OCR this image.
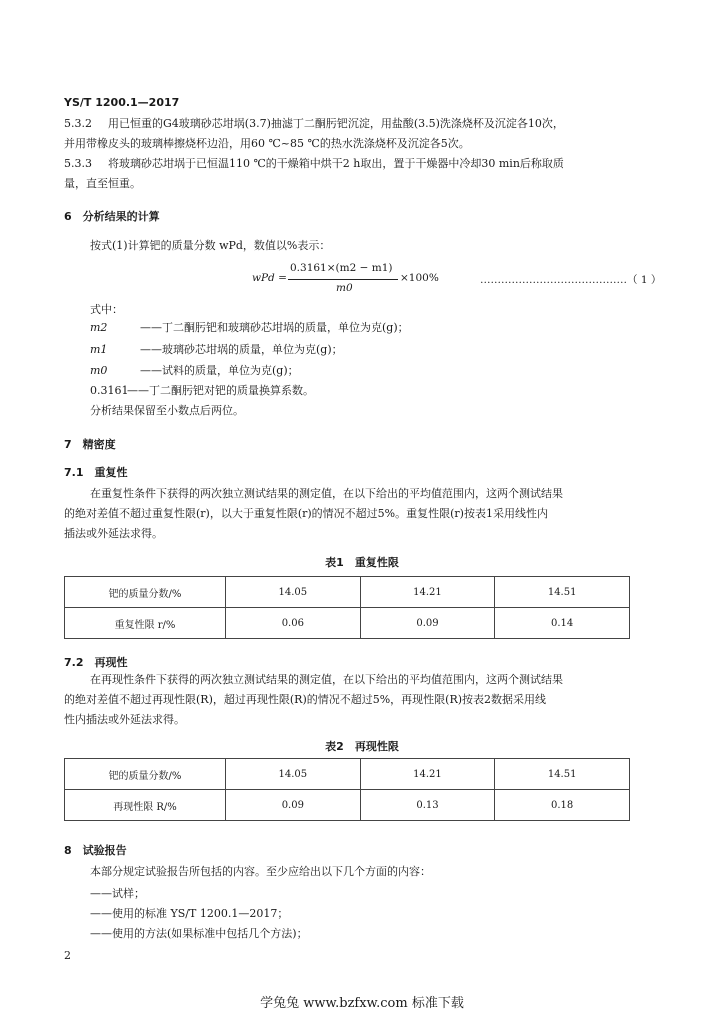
YS/T 1200.1—2017
5.3.2 用已恒重的G4玻璃砂芯坩埚(3.7)抽滤丁二酮肟钯沉淀，用盐酸(3.5)洗涤烧杯及沉淀各10次，
并用带橡皮头的玻璃棒擦烧杯边沿，用60 ℃~85 ℃的热水洗涤烧杯及沉淀各5次。
5.3.3 将玻璃砂芯坩埚于已恒温110 ℃的干燥箱中烘干2 h取出，置于干燥器中冷却30 min后称取质
量，直至恒重。
6　分析结果的计算
按式(1)计算钯的质量分数 wPd，数值以%表示：
wPd =
0.3161×(m2 − m1)
m0
×100%	……………………………………（ 1 ）
式中：
m2	——丁二酮肟钯和玻璃砂芯坩埚的质量，单位为克(g)；
m1	——玻璃砂芯坩埚的质量，单位为克(g)；
m0	——试料的质量，单位为克(g)；
0.3161
——丁二酮肟钯对钯的质量换算系数。
分析结果保留至小数点后两位。
7　精密度
7.1　重复性
在重复性条件下获得的两次独立测试结果的测定值，在以下给出的平均值范围内，这两个测试结果
的绝对差值不超过重复性限(r)，以大于重复性限(r)的情况不超过5%。重复性限(r)按表1采用线性内
插法或外延法求得。
表1　重复性限
钯的质量分数/%	14.05	14.21	14.51
重复性限 r/%	0.06	0.09	0.14
7.2　再现性
在再现性条件下获得的两次独立测试结果的测定值，在以下给出的平均值范围内，这两个测试结果
的绝对差值不超过再现性限(R)，超过再现性限(R)的情况不超过5%，再现性限(R)按表2数据采用线
性内插法或外延法求得。
表2　再现性限
钯的质量分数/%	14.05	14.21	14.51
再现性限 R/%	0.09	0.13	0.18
8　试验报告
本部分规定试验报告所包括的内容。至少应给出以下几个方面的内容：
——试样；
——使用的标准 YS/T 1200.1—2017；
——使用的方法(如果标准中包括几个方法)；
2
学兔兔 www.bzfxw.com 标准下载
